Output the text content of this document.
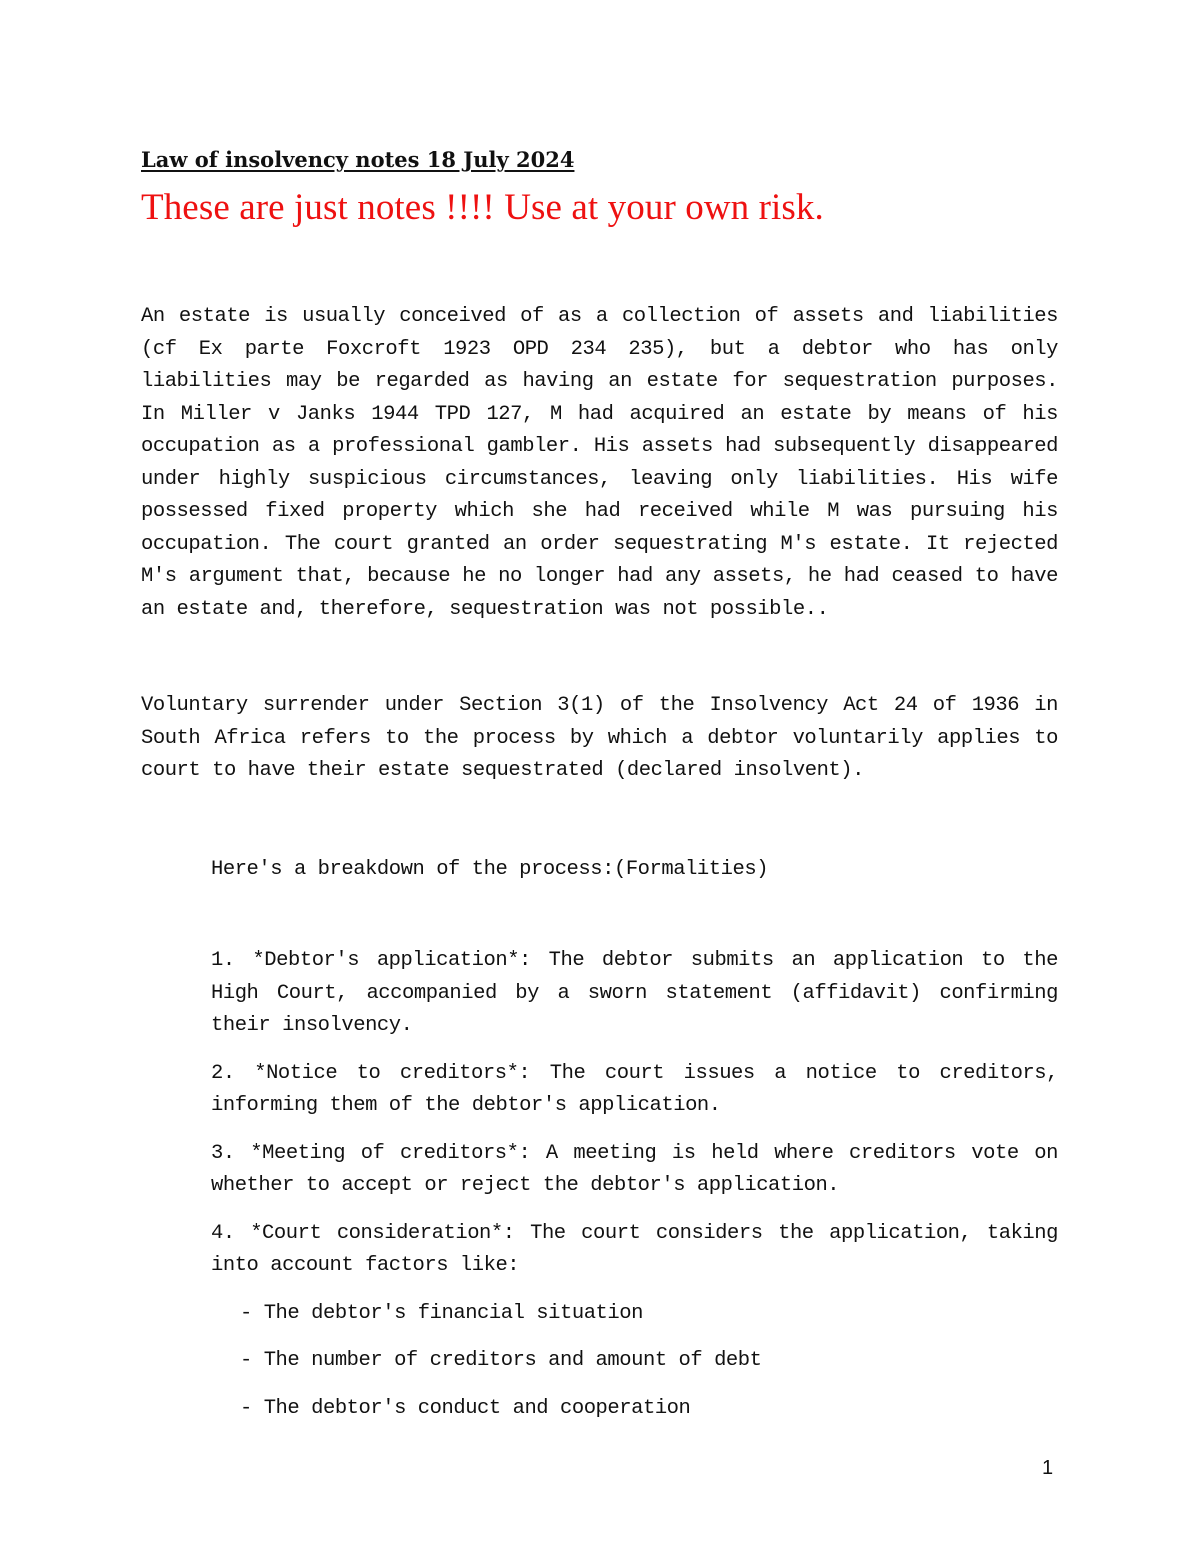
Law of insolvency notes 18 July 2024

These are just notes !!!! Use at your own risk.

An estate is usually conceived of as a collection of assets and liabilities (cf Ex parte Foxcroft 1923 OPD 234 235), but a debtor who has only liabilities may be regarded as having an estate for sequestration purposes. In Miller v Janks 1944 TPD 127, M had acquired an estate by means of his occupation as a professional gambler. His assets had subsequently disappeared under highly suspicious circumstances, leaving only liabilities. His wife possessed fixed property which she had received while M was pursuing his occupation. The court granted an order sequestrating M's estate. It rejected M's argument that, because he no longer had any assets, he had ceased to have an estate and, therefore, sequestration was not possible..

Voluntary surrender under Section 3(1) of the Insolvency Act 24 of 1936 in South Africa refers to the process by which a debtor voluntarily applies to court to have their estate sequestrated (declared insolvent).

Here's a breakdown of the process:(Formalities)

1. *Debtor's application*: The debtor submits an application to the High Court, accompanied by a sworn statement (affidavit) confirming their insolvency.

2. *Notice to creditors*: The court issues a notice to creditors, informing them of the debtor's application.

3. *Meeting of creditors*: A meeting is held where creditors vote on whether to accept or reject the debtor's application.

4. *Court consideration*: The court considers the application, taking into account factors like:

- The debtor's financial situation

- The number of creditors and amount of debt

- The debtor's conduct and cooperation

1
